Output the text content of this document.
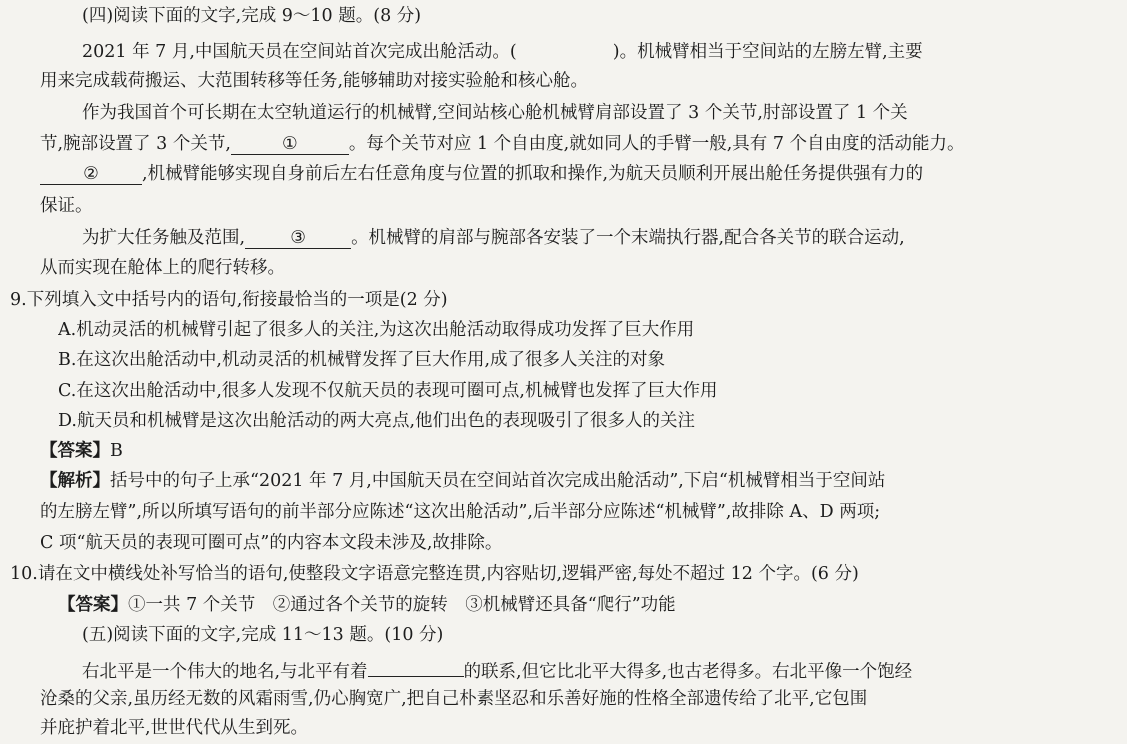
(四)阅读下面的文字,完成 9～10 题。(8 分)
2021 年 7 月,中国航天员在空间站首次完成出舱活动。(	)。机械臂相当于空间站的左膀左臂,主要
用来完成载荷搬运、大范围转移等任务,能够辅助对接实验舱和核心舱。
作为我国首个可长期在太空轨道运行的机械臂,空间站核心舱机械臂肩部设置了 3 个关节,肘部设置了 1 个关
节,腕部设置了 3 个关节,	①	。每个关节对应 1 个自由度,就如同人的手臂一般,具有 7 个自由度的活动能力。
② ,机械臂能够实现自身前后左右任意角度与位置的抓取和操作,为航天员顺利开展出舱任务提供强有力的
保证。
为扩大任务触及范围,	③	。机械臂的肩部与腕部各安装了一个末端执行器,配合各关节的联合运动,
从而实现在舱体上的爬行转移。
9.下列填入文中括号内的语句,衔接最恰当的一项是(2 分)
A.机动灵活的机械臂引起了很多人的关注,为这次出舱活动取得成功发挥了巨大作用
B.在这次出舱活动中,机动灵活的机械臂发挥了巨大作用,成了很多人关注的对象
C.在这次出舱活动中,很多人发现不仅航天员的表现可圈可点,机械臂也发挥了巨大作用
D.航天员和机械臂是这次出舱活动的两大亮点,他们出色的表现吸引了很多人的关注
【答案】B
【解析】括号中的句子上承“2021 年 7 月,中国航天员在空间站首次完成出舱活动”,下启“机械臂相当于空间站
的左膀左臂”,所以所填写语句的前半部分应陈述“这次出舱活动”,后半部分应陈述“机械臂”,故排除 A、D 两项;
C 项“航天员的表现可圈可点”的内容本文段未涉及,故排除。
10.请在文中横线处补写恰当的语句,使整段文字语意完整连贯,内容贴切,逻辑严密,每处不超过 12 个字。(6 分)
【答案】①一共 7 个关节　②通过各个关节的旋转　③机械臂还具备“爬行”功能
(五)阅读下面的文字,完成 11～13 题。(10 分)
右北平是一个伟大的地名,与北平有着	的联系,但它比北平大得多,也古老得多。右北平像一个饱经
沧桑的父亲,虽历经无数的风霜雨雪,仍心胸宽广,把自己朴素坚忍和乐善好施的性格全部遗传给了北平,它包围
并庇护着北平,世世代代从生到死。
